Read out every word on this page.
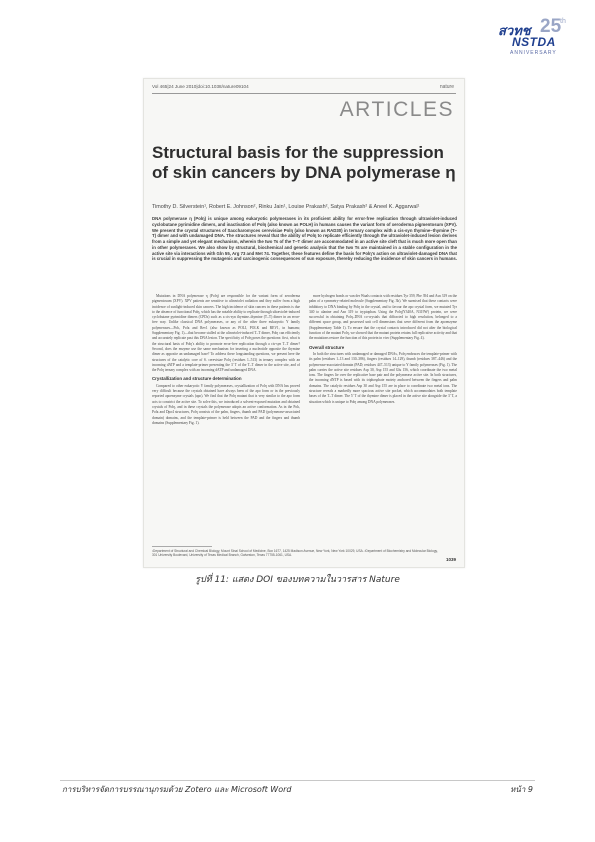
สวทช
NSTDA
25
th
ANNIVERSARY
Vol 465|24 June 2010|doi:10.1038/nature09104	nature
ARTICLES
Structural basis for the suppression of skin cancers by DNA polymerase η
Timothy D. Silverstein¹, Robert E. Johnson², Rinku Jain¹, Louise Prakash², Satya Prakash² & Aneel K. Aggarwal¹

DNA polymerase η (Polη) is unique among eukaryotic polymerases in its proficient ability for error-free replication through ultraviolet-induced cyclobutane pyrimidine dimers, and inactivation of Polη (also known as POLH) in humans causes the variant form of xeroderma pigmentosum (XPV). We present the crystal structures of Saccharomyces cerevisiae Polη (also known as RAD30) in ternary complex with a cis-syn thymine–thymine (T–T) dimer and with undamaged DNA. The structures reveal that the ability of Polη to replicate efficiently through the ultraviolet-induced lesion derives from a simple and yet elegant mechanism, wherein the two Ts of the T–T dimer are accommodated in an active site cleft that is much more open than in other polymerases. We also show by structural, biochemical and genetic analysis that the two Ts are maintained in a stable configuration in the active site via interactions with Gln 55, Arg 73 and Met 74. Together, these features define the basis for Polη's action on ultraviolet-damaged DNA that is crucial in suppressing the mutagenic and carcinogenic consequences of sun exposure, thereby reducing the incidence of skin cancers in humans.

Mutations in DNA polymerase η (Polη) are responsible for the variant form of xeroderma pigmentosum (XPV). XPV patients are sensitive to ultraviolet radiation and they suffer from a high incidence of sunlight-induced skin cancers. The high incidence of skin cancers in these patients is due to the absence of functional Polη, which has the notable ability to replicate through ultraviolet-induced cyclobutane pyrimidine dimers (CPDs) such as a cis-syn thymine–thymine (T–T) dimer in an error-free way. Unlike classical DNA polymerases, or any of the other three eukaryotic Y family polymerases—Polι, Polκ and Rev1 (also known as POLI, POLK and REV1, in humans; Supplementary Fig. 1)—that become stalled at the ultraviolet-induced T–T dimer, Polη can efficiently and accurately replicate past this DNA lesion. The specificity of Polη poses the questions: first, what is the structural basis of Polη's ability to promote error-free replication through a cis-syn T–T dimer? Second, does the enzyme use the same mechanism for inserting a nucleotide opposite the thymine dimer as opposite an undamaged base? To address these longstanding questions, we present here the structures of the catalytic core of S. cerevisiae Polη (residues 1–513) in ternary complex with an incoming dATP and a template-primer presenting the 3′ T of the T–T dimer in the active site, and of the Polη ternary complex with an incoming dATP and undamaged DNA.

Crystallization and structure determination

Compared to other eukaryotic Y family polymerases, crystallization of Polη with DNA has proved very difficult because the crystals obtained have always been of the apo form or in the previously reported apoenzyme crystals (apo). We find that the Polη mutant that is very similar to the apo form acts to constrict the active site. To solve this, we introduced a solvent-exposed mutation and obtained crystals of Polη, and in these crystals the polymerase adopts an active conformation. As in the Polι, Polκ and Dpo4 structures, Polη consists of the palm, fingers, thumb and PAD (polymerase-associated domain) domains, and the template-primer is held between the PAD and the fingers and thumb domains (Supplementary Fig. 1).

more hydrogen bonds or van der Waals contacts with residues Tyr 359, Phe 394 and Asn 319 on the palm of a symmetry-related molecule (Supplementary Fig. 3b). We surmised that these contacts were inhibitory to DNA binding by Polη in the crystal, and to favour the apo crystal form, we mutated Tyr 340 to alanine and Asn 319 to tryptophan. Using the Polη(Y340A, N319W) protein, we were successful in obtaining Polη–DNA co-crystals that diffracted to high resolution, belonged to a different space group, and possessed unit cell dimensions that were different from the apoenzyme (Supplementary Table 1). To ensure that the crystal contacts introduced did not alter the biological function of the mutant Polη, we showed that the mutant protein retains full replicative activity and that the mutations restore the function of this protein in vivo (Supplementary Fig. 4).

Overall structure

In both the structures with undamaged or damaged DNAs, Polη embraces the template-primer with its palm (residues 1–13 and 130–386), fingers (residues 14–129), thumb (residues 387–446) and the polymerase-associated domain (PAD; residues 447–513) unique to Y family polymerases (Fig. 1). The palm carries the active site residues Asp 30, Asp 155 and Glu 156, which coordinate the two metal ions. The fingers lie over the replicative base pair and the polymerase active site. In both structures, the incoming dNTP is based with its triphosphate moiety anchored between the fingers and palm domains. The catalytic residues Asp 30 and Asp 155 are in place to coordinate two metal ions. The structure reveals a markedly more spacious active site pocket, which accommodates both template bases of the T–T dimer. The 5′ T of the thymine dimer is placed in the active site alongside the 3′ T, a situation which is unique to Polη among DNA polymerases.

¹Department of Structural and Chemical Biology, Mount Sinai School of Medicine, Box 1677, 1425 Madison Avenue, New York, New York 10029, USA. ²Department of Biochemistry and Molecular Biology, 301 University Boulevard, University of Texas Medical Branch, Galveston, Texas 77755-1061, USA.
1039
รูปที่ 11: แสดง DOI ของบทความในวารสาร Nature
การบริหารจัดการบรรณานุกรมด้วย Zotero และ Microsoft Word	หน้า 9
